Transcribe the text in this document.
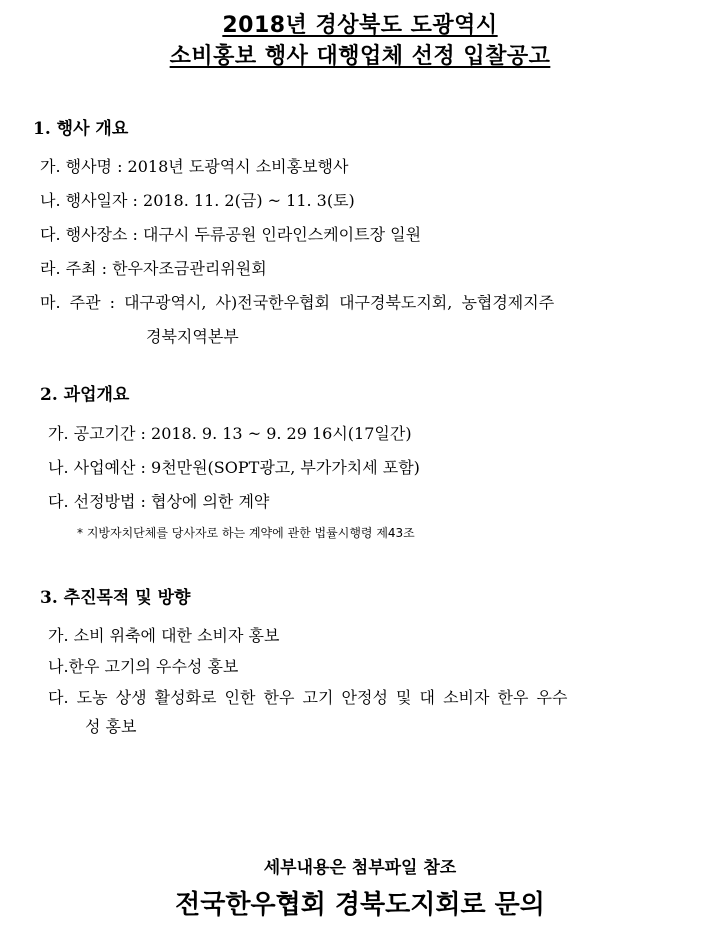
2018년 경상북도 도광역시
소비홍보 행사 대행업체 선정 입찰공고
1. 행사 개요
가. 행사명 : 2018년 도광역시 소비홍보행사
나. 행사일자 : 2018. 11. 2(금) ~ 11. 3(토)
다. 행사장소 : 대구시 두류공원 인라인스케이트장 일원
라. 주최 : 한우자조금관리위원회
마. 주관 : 대구광역시, 사)전국한우협회 대구경북도지회, 농협경제지주
경북지역본부
2. 과업개요
가. 공고기간 : 2018. 9. 13 ~ 9. 29 16시(17일간)
나. 사업예산 : 9천만원(SOPT광고, 부가가치세 포함)
다. 선정방법 : 협상에 의한 계약
* 지방자치단체를 당사자로 하는 계약에 관한 법률시행령 제43조
3. 추진목적 및 방향
가. 소비 위축에 대한 소비자 홍보
나.한우 고기의 우수성 홍보
다. 도농 상생 활성화로 인한 한우 고기 안정성 및 대 소비자 한우 우수
성 홍보
세부내용은 첨부파일 참조
전국한우협회 경북도지회로 문의
